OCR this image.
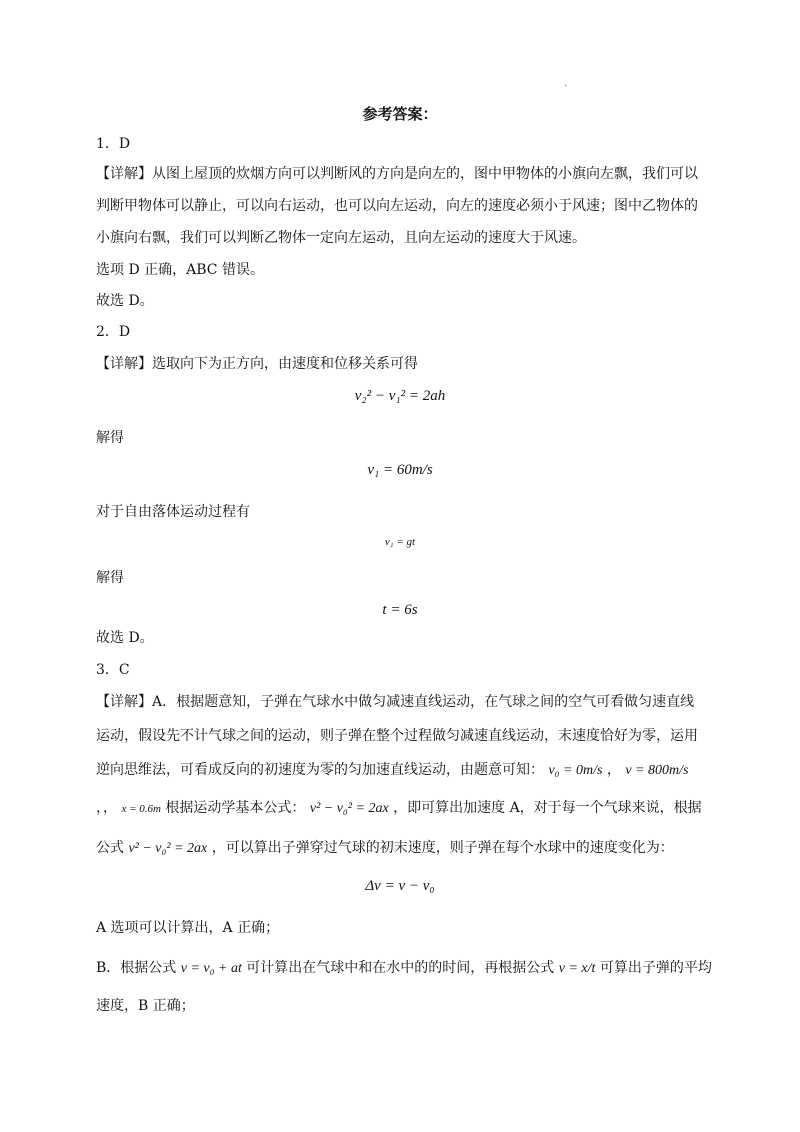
.
参考答案：
1．D
【详解】从图上屋顶的炊烟方向可以判断风的方向是向左的，图中甲物体的小旗向左飘，我们可以
判断甲物体可以静止，可以向右运动，也可以向左运动，向左的速度必须小于风速；图中乙物体的
小旗向右飘，我们可以判断乙物体一定向左运动，且向左运动的速度大于风速。
选项 D 正确，ABC 错误。
故选 D。
2．D
【详解】选取向下为正方向，由速度和位移关系可得
v₂² − v₁² = 2ah
解得
v₁ = 60m/s
对于自由落体运动过程有
v₁ = gt
解得
t = 6s
故选 D。
3．C
【详解】A．根据题意知，子弹在气球水中做匀减速直线运动，在气球之间的空气可看做匀速直线
运动，假设先不计气球之间的运动，则子弹在整个过程做匀减速直线运动，末速度恰好为零，运用
逆向思维法，可看成反向的初速度为零的匀加速直线运动，由题意可知： v₀ = 0m/s ， v = 800m/s
，， x = 0.6m 根据运动学基本公式： v² − v₀² = 2ax ，即可算出加速度 A，对于每一个气球来说，根据
公式 v² − v₀² = 2ax ，可以算出子弹穿过气球的初末速度，则子弹在每个水球中的速度变化为：
Δv = v − v₀
A 选项可以计算出，A 正确；
B．根据公式 v = v₀ + at 可计算出在气球中和在水中的的时间，再根据公式 v = x/t 可算出子弹的平均
速度，B 正确；
